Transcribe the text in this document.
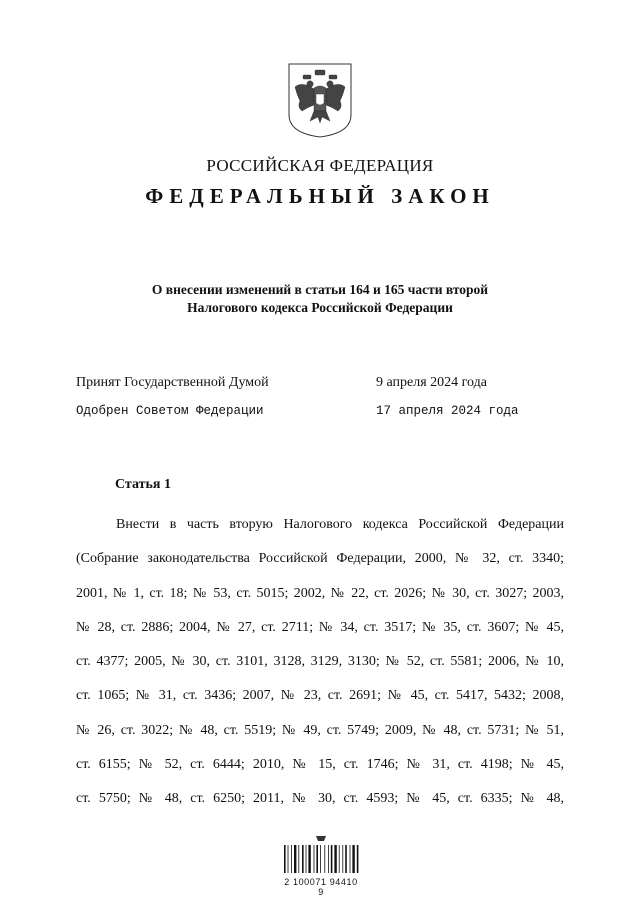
РОССИЙСКАЯ ФЕДЕРАЦИЯ
ФЕДЕРАЛЬНЫЙ ЗАКОН
О внесении изменений в статьи 164 и 165 части второй
Налогового кодекса Российской Федерации
Принят Государственной Думой	9 апреля 2024 года
Одобрен Советом Федерации	17 апреля 2024 года
Статья 1
Внести в часть вторую Налогового кодекса Российской Федерации
(Собрание законодательства Российской Федерации, 2000, № 32, ст. 3340;
2001, № 1, ст. 18; № 53, ст. 5015; 2002, № 22, ст. 2026; № 30, ст. 3027; 2003,
№ 28, ст. 2886; 2004, № 27, ст. 2711; № 34, ст. 3517; № 35, ст. 3607; № 45,
ст. 4377; 2005, № 30, ст. 3101, 3128, 3129, 3130; № 52, ст. 5581; 2006, № 10,
ст. 1065; № 31, ст. 3436; 2007, № 23, ст. 2691; № 45, ст. 5417, 5432; 2008,
№ 26, ст. 3022; № 48, ст. 5519; № 49, ст. 5749; 2009, № 48, ст. 5731; № 51,
ст. 6155; № 52, ст. 6444; 2010, № 15, ст. 1746; № 31, ст. 4198; № 45,
ст. 5750; № 48, ст. 6250; 2011, № 30, ст. 4593; № 45, ст. 6335; № 48,
2 100071 94410 9
